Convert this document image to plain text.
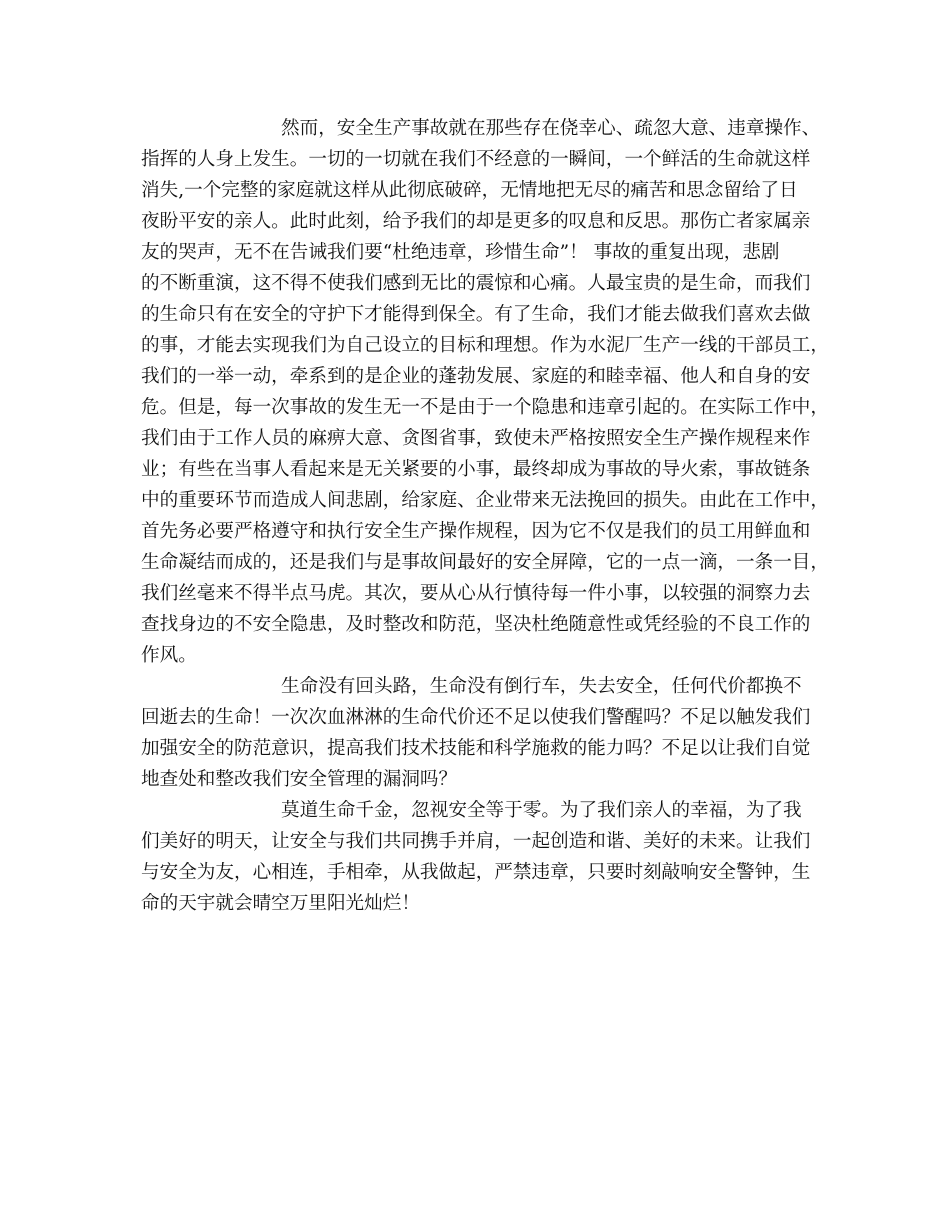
然而，安全生产事故就在那些存在侥幸心、疏忽大意、违章操作、
指挥的人身上发生。一切的一切就在我们不经意的一瞬间，一个鲜活的生命就这样
消失,一个完整的家庭就这样从此彻底破碎，无情地把无尽的痛苦和思念留给了日
夜盼平安的亲人。此时此刻，给予我们的却是更多的叹息和反思。那伤亡者家属亲
友的哭声，无不在告诫我们要“杜绝违章，珍惜生命”！ 事故的重复出现，悲剧
的不断重演，这不得不使我们感到无比的震惊和心痛。人最宝贵的是生命，而我们
的生命只有在安全的守护下才能得到保全。有了生命，我们才能去做我们喜欢去做
的事，才能去实现我们为自己设立的目标和理想。作为水泥厂生产一线的干部员工，
我们的一举一动，牵系到的是企业的蓬勃发展、家庭的和睦幸福、他人和自身的安
危。但是，每一次事故的发生无一不是由于一个隐患和违章引起的。在实际工作中，
我们由于工作人员的麻痹大意、贪图省事，致使未严格按照安全生产操作规程来作
业；有些在当事人看起来是无关紧要的小事，最终却成为事故的导火索，事故链条
中的重要环节而造成人间悲剧，给家庭、企业带来无法挽回的损失。由此在工作中，
首先务必要严格遵守和执行安全生产操作规程，因为它不仅是我们的员工用鲜血和
生命凝结而成的，还是我们与是事故间最好的安全屏障，它的一点一滴，一条一目，
我们丝毫来不得半点马虎。其次，要从心从行慎待每一件小事，以较强的洞察力去
查找身边的不安全隐患，及时整改和防范，坚决杜绝随意性或凭经验的不良工作的
作风。

生命没有回头路，生命没有倒行车，失去安全，任何代价都换不
回逝去的生命！一次次血淋淋的生命代价还不足以使我们警醒吗？不足以触发我们
加强安全的防范意识，提高我们技术技能和科学施救的能力吗？不足以让我们自觉
地查处和整改我们安全管理的漏洞吗？

莫道生命千金，忽视安全等于零。为了我们亲人的幸福，为了我
们美好的明天，让安全与我们共同携手并肩，一起创造和谐、美好的未来。让我们
与安全为友，心相连，手相牵，从我做起，严禁违章，只要时刻敲响安全警钟，生
命的天宇就会晴空万里阳光灿烂！
